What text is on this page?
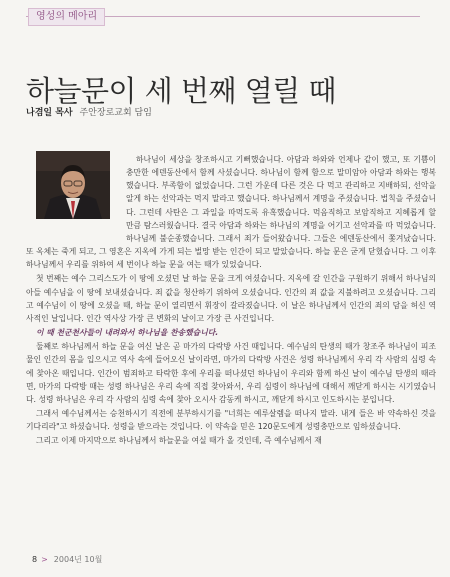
영성의 메아리
하늘문이 세 번째 열릴 때
나겸일 목사 주안장로교회 담임

하나님이 세상을 창조하시고 기뻐했습니다. 아담과 하와와 언제나 같이 했고, 또 기쁨이 충만한 에덴동산에서 함께 사셨습니다. 하나님이 함께 함으로 말미암아 아담과 하와는 행복했습니다. 부족함이 없었습니다. 그런 가운데 다른 것은 다 먹고 관리하고 지배하되, 선악을 알게 하는 선악과는 먹지 말라고 했습니다. 하나님께서 계명을 주셨습니다. 법칙을 주셨습니다. 그런데 사탄은 그 과일을 따먹도록 유혹했습니다. 먹음직하고 보암직하고 지혜롭게 할 만큼 탐스러웠습니다. 결국 아담과 하와는 하나님의 계명을 어기고 선악과를 따 먹었습니다. 하나님께 불순종했습니다. 그래서 죄가 들어왔습니다. 그들은 에덴동산에서 쫓겨났습니다. 또 옥체는 죽게 되고, 그 영혼은 지옥에 가게 되는 벌망 받는 인간이 되고 말았습니다. 하늘 문은 굳게 닫혔습니다. 그 이후 하나님께서 우리를 위하여 세 번이나 하늘 문을 여는 때가 있었습니다.

첫 번째는 예수 그리스도가 이 땅에 오셨던 날 하늘 문을 크게 여셨습니다. 지옥에 갈 인간을 구원하기 위해서 하나님의 아들 예수님을 이 땅에 보내셨습니다. 죄 값을 청산하기 위하여 오셨습니다. 인간의 죄 값을 지불하려고 오셨습니다. 그리고 예수님이 이 땅에 오셨을 때, 하늘 문이 열리면서 휘장이 갈라졌습니다. 이 날은 하나님께서 인간의 죄의 담을 허신 역사적인 날입니다. 인간 역사상 가장 큰 변화의 날이고 가장 큰 사건입니다.

이 때 천군천사들이 내려와서 하나님을 찬송했습니다.

둘째로 하나님께서 하늘 문을 여신 날은 곧 마가의 다락방 사건 때입니다. 예수님의 탄생의 때가 창조주 하나님이 피조물인 인간의 몸을 입으시고 역사 속에 들어오신 날이라면, 마가의 다락방 사건은 성령 하나님께서 우리 각 사람의 심령 속에 찾아온 때입니다. 인간이 범죄하고 타락한 후에 우리를 떠나셨던 하나님이 우리와 함께 하신 날이 예수님 탄생의 때라면, 마가의 다락방 때는 성령 하나님은 우리 속에 직접 찾아와서, 우리 심령이 하나님에 대해서 깨닫게 하시는 시기였습니다. 성령 하나님은 우리 각 사람의 심령 속에 찾아 오시사 감동케 하시고, 깨닫게 하시고 인도하시는 분입니다.

그래서 예수님께서는 승천하시기 직전에 분부하시기를 "너희는 예루살렘을 떠나지 말라. 내게 들은 바 약속하신 것을 기다리라"고 하셨습니다. 성령을 받으라는 것입니다. 이 약속을 믿은 120문도에게 성령충만으로 임하셨습니다.

그리고 이제 마지막으로 하나님께서 하늘문을 여실 때가 올 것인데, 즉 예수님께서 재

8 > 2004년 10월
